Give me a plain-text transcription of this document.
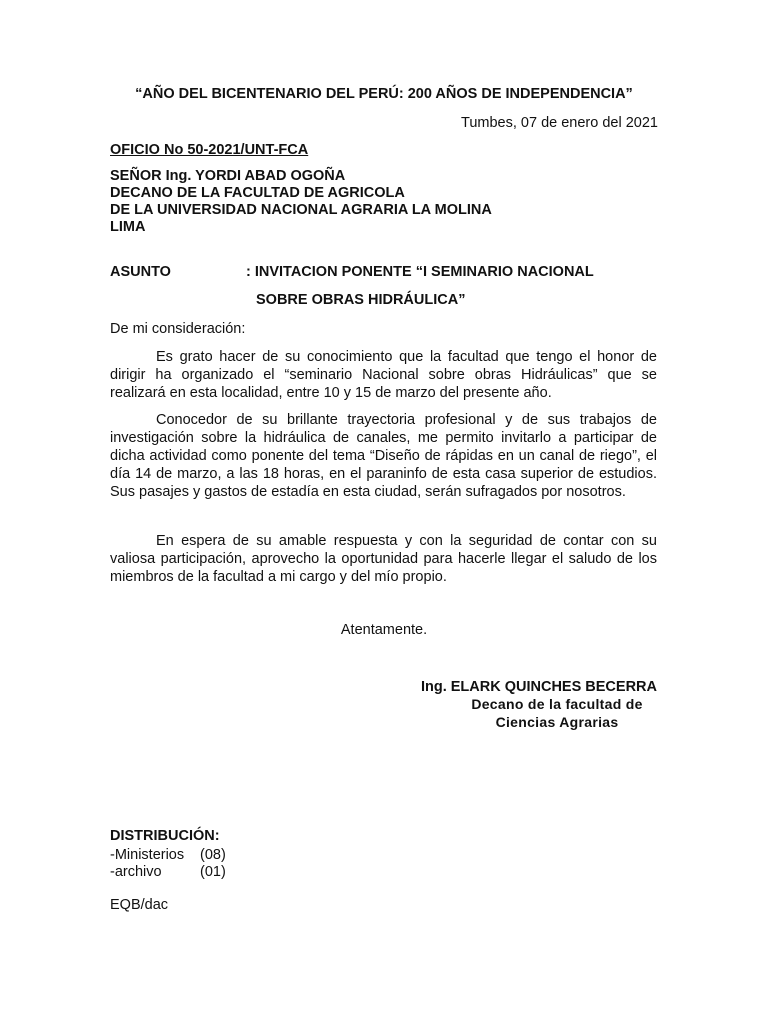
“AÑO DEL BICENTENARIO DEL PERÚ: 200 AÑOS DE INDEPENDENCIA”
Tumbes, 07 de enero del 2021
OFICIO No 50-2021/UNT-FCA
SEÑOR Ing. YORDI ABAD OGOÑA
DECANO DE LA FACULTAD DE AGRICOLA
DE LA UNIVERSIDAD NACIONAL AGRARIA LA MOLINA
LIMA
ASUNTO	: INVITACION PONENTE “I SEMINARIO NACIONAL
SOBRE OBRAS HIDRÁULICA”
De mi consideración:

Es grato hacer de su conocimiento que la facultad que tengo el honor de dirigir ha organizado el “seminario Nacional sobre obras Hidráulicas” que se realizará en esta localidad, entre 10 y 15 de marzo del presente año.

Conocedor de su brillante trayectoria profesional y de sus trabajos de investigación sobre la hidráulica de canales, me permito invitarlo a participar de dicha actividad como ponente del tema “Diseño de rápidas en un canal de riego”, el día 14 de marzo, a las 18 horas, en el paraninfo de esta casa superior de estudios. Sus pasajes y gastos de estadía en esta ciudad, serán sufragados por nosotros.

En espera de su amable respuesta y con la seguridad de contar con su valiosa participación, aprovecho la oportunidad para hacerle llegar el saludo de los miembros de la facultad a mi cargo y del mío propio.

Atentamente.
Ing. ELARK QUINCHES BECERRA
Decano de la facultad de
Ciencias Agrarias
DISTRIBUCIÓN:
-Ministerios (08)
-archivo	(01)
EQB/dac
